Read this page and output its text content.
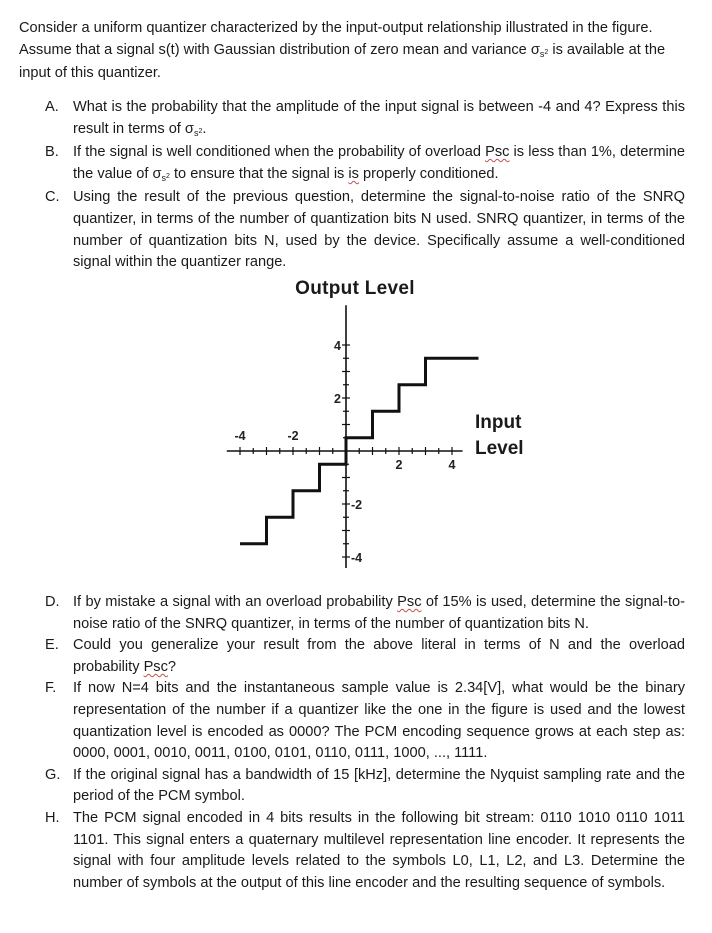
Consider a uniform quantizer characterized by the input-output relationship illustrated in the figure.
Assume that a signal s(t) with Gaussian distribution of zero mean and variance $\sigma_{s^2}$ is available at the
input of this quantizer.
A. What is the probability that the amplitude of the input signal is between -4 and 4? Express this result in terms of $\sigma_{s^2}$.
B. If the signal is well conditioned when the probability of overload Psc is less than 1%, determine the value of $\sigma_{s^2}$ to ensure that the signal is is properly conditioned.
C. Using the result of the previous question, determine the signal-to-noise ratio of the SNRQ quantizer, in terms of the number of quantization bits N used. SNRQ quantizer, in terms of the number of quantization bits N, used by the device. Specifically assume a well-conditioned signal within the quantizer range.
Output Level
Input
Level
-4	-2
2	4
4
2
-2
-4
D. If by mistake a signal with an overload probability Psc of 15% is used, determine the signal-to-noise ratio of the SNRQ quantizer, in terms of the number of quantization bits N.
E. Could you generalize your result from the above literal in terms of N and the overload probability Psc?
F.	If now N=4 bits and the instantaneous sample value is 2.34[V], what would be the binary representation of the number if a quantizer like the one in the figure is used and the lowest quantization level is encoded as 0000? The PCM encoding sequence grows at each step as: 0000, 0001, 0010, 0011, 0100, 0101, 0110, 0111, 1000, ..., 1111.
G. If the original signal has a bandwidth of 15 [kHz], determine the Nyquist sampling rate and the period of the PCM symbol.
H. The PCM signal encoded in 4 bits results in the following bit stream: 0110 1010 0110 1011 1101. This signal enters a quaternary multilevel representation line encoder. It represents the signal with four amplitude levels related to the symbols L0, L1, L2, and L3. Determine the number of symbols at the output of this line encoder and the resulting sequence of symbols.
